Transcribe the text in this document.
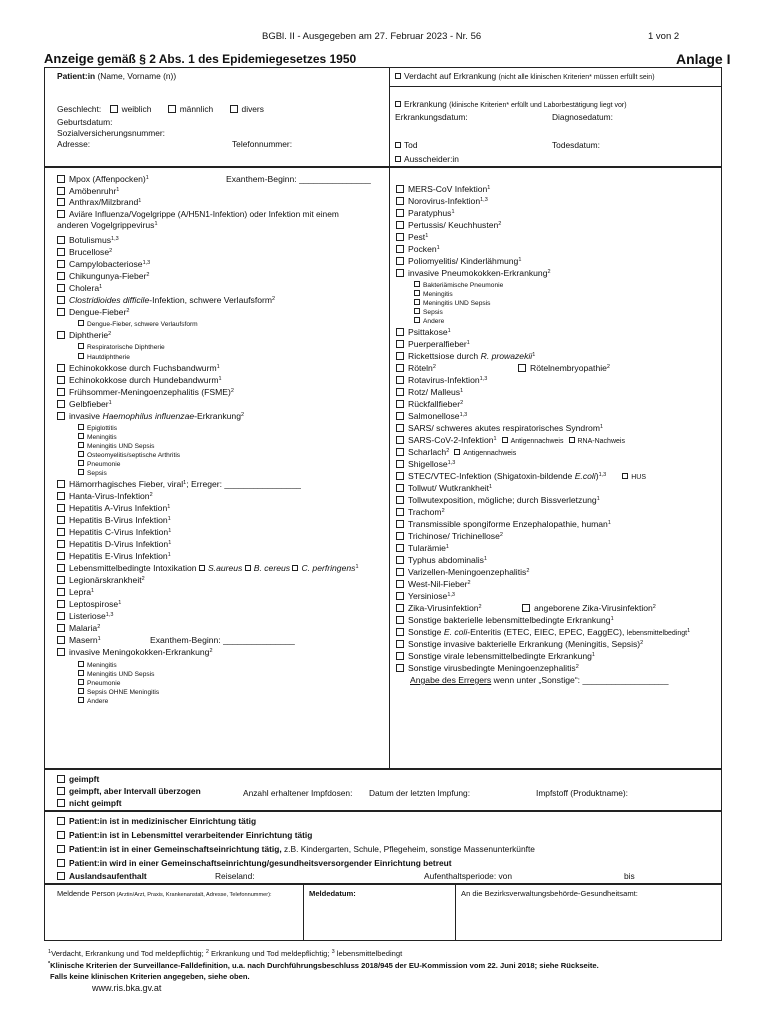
BGBl. II - Ausgegeben am 27. Februar 2023 - Nr. 56	1 von 2
Anzeige gemäß § 2 Abs. 1 des Epidemiegesetzes 1950	Anlage I
Patient:in (Name, Vorname (n))
Geschlecht: weiblich	männlich	divers
Geburtsdatum:
Sozialversicherungsnummer:
Adresse:	Telefonnummer:
Verdacht auf Erkrankung (nicht alle klinischen Kriterien* müssen erfüllt sein)
Erkrankung (klinische Kriterien* erfüllt und Laborbestätigung liegt vor)
Erkrankungsdatum:	Diagnosedatum:
Tod	Todesdatum:
Ausscheider:in
Exanthem-Beginn: _______________
Mpox (Affenpocken)$^1$
Amöbenruhr$^1$
Anthrax/Milzbrand$^1$
Aviäre Influenza/Vogelgrippe (A/H5N1-Infektion) oder Infektion mit einem
anderen Vogelgrippevirus$^1$
Botulismus$^{1,3}$
Brucellose$^2$
Campylobacteriose$^{1,3}$
Chikungunya-Fieber$^2$
Cholera$^1$
Clostridioides difficile-Infektion, schwere Verlaufsform$^2$
Dengue-Fieber$^2$
Dengue-Fieber, schwere Verlaufsform
Diphtherie$^2$
Respiratorische Diphtherie
Hautdiphtherie
Echinokokkose durch Fuchsbandwurm$^1$
Echinokokkose durch Hundebandwurm$^1$
Frühsommer-Meningoenzephalitis (FSME)$^2$
Gelbfieber$^1$
invasive Haemophilus influenzae-Erkrankung$^2$
Epiglottitis
Meningitis
Meningitis UND Sepsis
Osteomyelitis/septische Arthritis
Pneumonie
Sepsis
Hämorrhagisches Fieber, viral$^1$; Erreger: ________________
Hanta-Virus-Infektion$^2$
Hepatitis A-Virus Infektion$^1$
Hepatitis B-Virus Infektion$^1$
Hepatitis C-Virus Infektion$^1$
Hepatitis D-Virus Infektion$^1$
Hepatitis E-Virus Infektion$^1$
Lebensmittelbedingte Intoxikation S.aureus B. cereus C. perfringens$^1$
Legionärskrankheit$^2$
Lepra$^1$
Leptospirose$^1$
Listeriose$^{1,3}$
Malaria$^2$
Exanthem-Beginn: _______________
Masern$^1$
invasive Meningokokken-Erkrankung$^2$
Meningitis
Meningitis UND Sepsis
Pneumonie
Sepsis OHNE Meningitis
Andere
MERS-CoV Infektion$^1$
Norovirus-Infektion$^{1,3}$
Paratyphus$^1$
Pertussis/ Keuchhusten$^2$
Pest$^1$
Pocken$^1$
Poliomyelitis/ Kinderlähmung$^1$
invasive Pneumokokken-Erkrankung$^2$
Bakteriämische Pneumonie
Meningitis
Meningitis UND Sepsis
Sepsis
Andere
Psittakose$^1$
Puerperalfieber$^1$
Rickettsiose durch R. prowazekii$^1$
Rötelnembryopathie$^2$
Röteln$^2$
Rotavirus-Infektion$^{1,3}$
Rotz/ Malleus$^1$
Rückfallfieber$^2$
Salmonellose$^{1,3}$
SARS/ schweres akutes respiratorisches Syndrom$^1$
SARS-CoV-2-Infektion$^1$ Antigennachweis RNA-Nachweis
Scharlach$^2$ Antigennachweis
Shigellose$^{1,3}$
STEC/VTEC-Infektion (Shigatoxin-bildende E.coli)$^{1,3}$	HUS
Tollwut/ Wutkrankheit$^1$
Tollwutexposition, mögliche; durch Bissverletzung$^1$
Trachom$^2$
Transmissible spongiforme Enzephalopathie, human$^1$
Trichinose/ Trichinellose$^2$
Tularämie$^1$
Typhus abdominalis$^1$
Varizellen-Meningoenzephalitis$^2$
West-Nil-Fieber$^2$
Yersiniose$^{1,3}$
angeborene Zika-Virusinfektion$^2$
Zika-Virusinfektion$^2$
Sonstige bakterielle lebensmittelbedingte Erkrankung$^1$
Sonstige E. coli-Enteritis (ETEC, EIEC, EPEC, EaggEC), lebensmittelbedingt$^1$
Sonstige invasive bakterielle Erkrankung (Meningitis, Sepsis)$^2$
Sonstige virale lebensmittelbedingte Erkrankung$^1$
Sonstige virusbedingte Meningoenzephalitis$^2$
Angabe des Erregers wenn unter „Sonstige“: __________________
geimpft
geimpft, aber Intervall überzogen
nicht geimpft
Anzahl erhaltener Impfdosen: Datum der letzten Impfung:	Impfstoff (Produktname):
Patient:in ist in medizinischer Einrichtung tätig
Patient:in ist in Lebensmittel verarbeitender Einrichtung tätig
Patient:in ist in einer Gemeinschaftseinrichtung tätig, z.B. Kindergarten, Schule, Pflegeheim, sonstige Massenunterkünfte
Patient:in wird in einer Gemeinschaftseinrichtung/gesundheitsversorgender Einrichtung betreut
Auslandsaufenthalt	Reiseland:	Aufenthaltsperiode: von	bis
Meldende Person (Arztin/Arzt, Praxis, Krankenanstalt, Adresse, Telefonnummer):	Meldedatum:	An die Bezirksverwaltungsbehörde-Gesundheitsamt:
$^1$Verdacht, Erkrankung und Tod meldepflichtig; $^2$ Erkrankung und Tod meldepflichtig; $^3$ lebensmittelbedingt
*Klinische Kriterien der Surveillance-Falldefinition, u.a. nach Durchführungsbeschluss 2018/945 der EU-Kommission vom 22. Juni 2018; siehe Rückseite.
Falls keine klinischen Kriterien angegeben, siehe oben.
www.ris.bka.gv.at
